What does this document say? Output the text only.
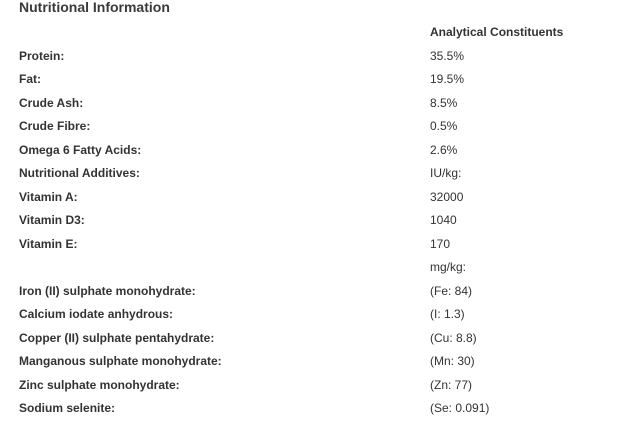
Nutritional Information
Analytical Constituents
Protein:	35.5%
Fat:	19.5%
Crude Ash:	8.5%
Crude Fibre:	0.5%
Omega 6 Fatty Acids:	2.6%
Nutritional Additives:	IU/kg:
Vitamin A:	32000
Vitamin D3:	1040
Vitamin E:	170
mg/kg:
Iron (II) sulphate monohydrate:	(Fe: 84)
Calcium iodate anhydrous:	(I: 1.3)
Copper (II) sulphate pentahydrate:	(Cu: 8.8)
Manganous sulphate monohydrate:	(Mn: 30)
Zinc sulphate monohydrate:	(Zn: 77)
Sodium selenite:	(Se: 0.091)
